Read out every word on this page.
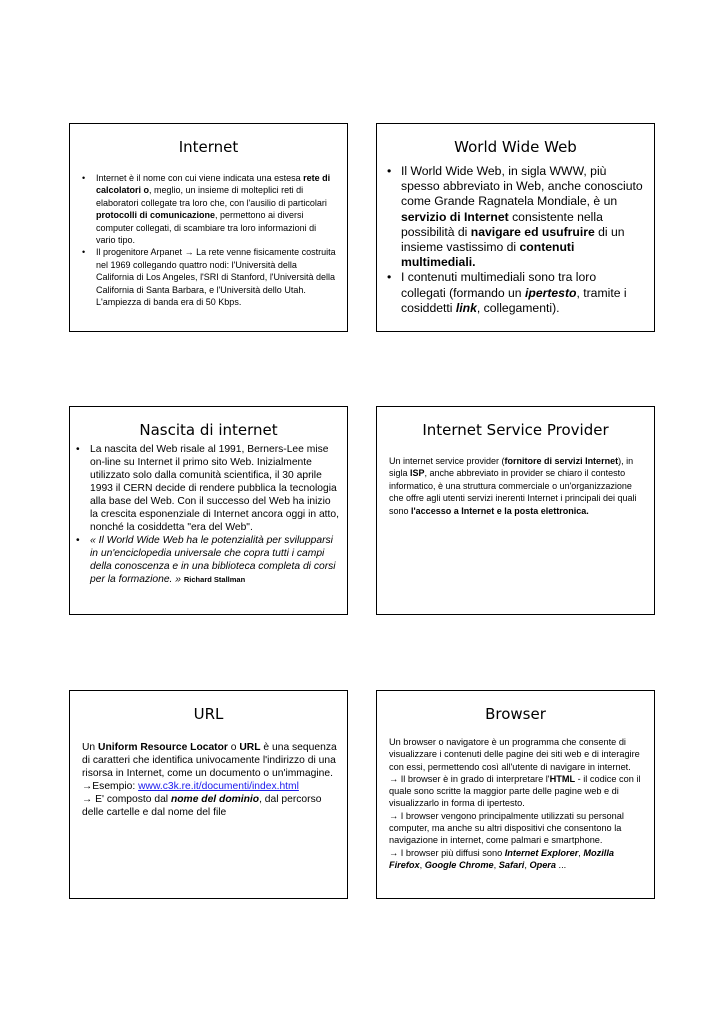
Internet
• Internet è il nome con cui viene indicata una estesa rete di calcolatori o, meglio, un insieme di molteplici reti di elaboratori collegate tra loro che, con l'ausilio di particolari protocolli di comunicazione, permettono ai diversi computer collegati, di scambiare tra loro informazioni di vario tipo.
• Il progenitore Arpanet → La rete venne fisicamente costruita nel 1969 collegando quattro nodi: l'Università della California di Los Angeles, l'SRI di Stanford, l'Università della California di Santa Barbara, e l'Università dello Utah. L'ampiezza di banda era di 50 Kbps.
World Wide Web
• Il World Wide Web, in sigla WWW, più spesso abbreviato in Web, anche conosciuto come Grande Ragnatela Mondiale, è un servizio di Internet consistente nella possibilità di navigare ed usufruire di un insieme vastissimo di contenuti multimediali.
• I contenuti multimediali sono tra loro collegati (formando un ipertesto, tramite i cosiddetti link, collegamenti).
Nascita di internet
• La nascita del Web risale al 1991, Berners-Lee mise on-line su Internet il primo sito Web. Inizialmente utilizzato solo dalla comunità scientifica, il 30 aprile 1993 il CERN decide di rendere pubblica la tecnologia alla base del Web. Con il successo del Web ha inizio la crescita esponenziale di Internet ancora oggi in atto, nonché la cosiddetta "era del Web".
• « Il World Wide Web ha le potenzialità per svilupparsi in un'enciclopedia universale che copra tutti i campi della conoscenza e in una biblioteca completa di corsi per la formazione. » Richard Stallman
Internet Service Provider

Un internet service provider (fornitore di servizi Internet), in sigla ISP, anche abbreviato in provider se chiaro il contesto informatico, è una struttura commerciale o un'organizzazione che offre agli utenti servizi inerenti Internet i principali dei quali sono l'accesso a Internet e la posta elettronica.

URL

Un Uniform Resource Locator o URL è una sequenza di caratteri che identifica univocamente l'indirizzo di una risorsa in Internet, come un documento o un'immagine.

→Esempio: www.c3k.re.it/documenti/index.html

→ E' composto dal nome del dominio, dal percorso delle cartelle e dal nome del file

Browser

Un browser o navigatore è un programma che consente di visualizzare i contenuti delle pagine dei siti web e di interagire con essi, permettendo così all'utente di navigare in internet.

→ Il browser è in grado di interpretare l'HTML - il codice con il quale sono scritte la maggior parte delle pagine web e di visualizzarlo in forma di ipertesto.

→ I browser vengono principalmente utilizzati su personal computer, ma anche su altri dispositivi che consentono la navigazione in internet, come palmari e smartphone.

→ I browser più diffusi sono Internet Explorer, Mozilla Firefox, Google Chrome, Safari, Opera ...
